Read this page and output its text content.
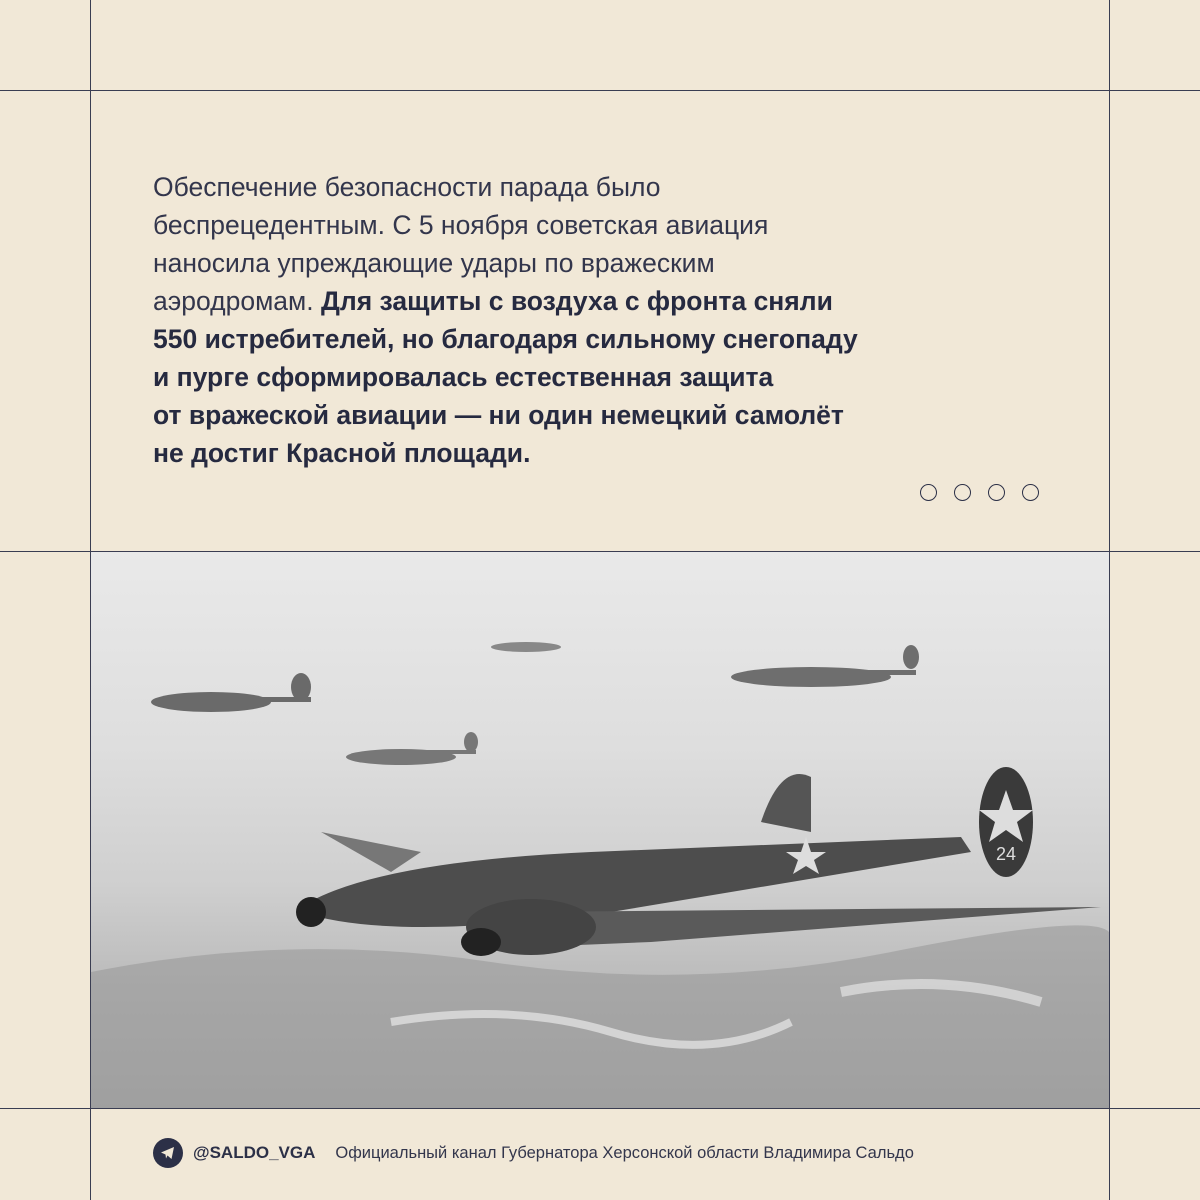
Обеспечение безопасности парада было
беспрецедентным. С 5 ноября советская авиация
наносила упреждающие удары по вражеским
аэродромам. Для защиты с воздуха с фронта сняли
550 истребителей, но благодаря сильному снегопаду
и пурге сформировалась естественная защита
от вражеской авиации — ни один немецкий самолёт
не достиг Красной площади.
24
@SALDO_VGA Официальный канал Губернатора Херсонской области Владимира Сальдо
